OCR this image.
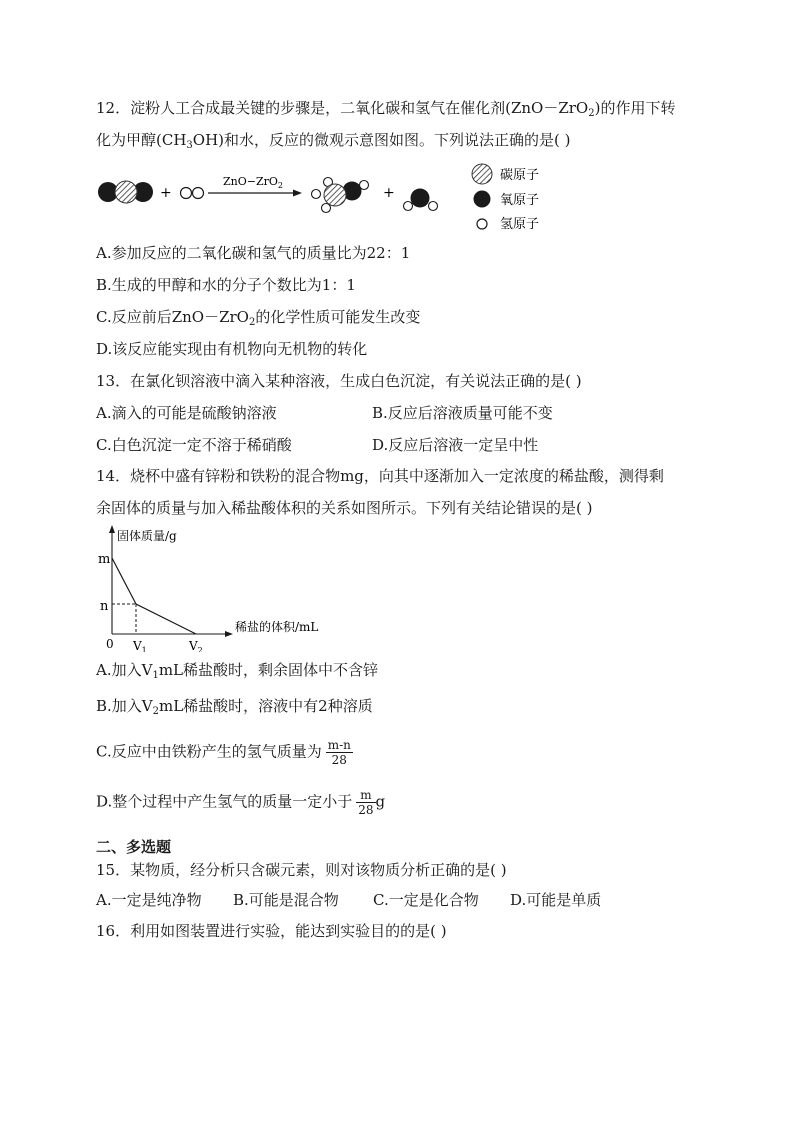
12．淀粉人工合成最关键的步骤是，二氧化碳和氢气在催化剂(ZnO－ZrO$_2$)的作用下转
化为甲醇$(CH_3OH)$和水，反应的微观示意图如图。下列说法正确的是( )
+
ZnO−ZrO$_2$	+
碳原子
氧原子
氢原子
A.参加反应的二氧化碳和氢气的质量比为22：1
B.生成的甲醇和水的分子个数比为1：1
C.反应前后ZnO－ZrO$_2$的化学性质可能发生改变
D.该反应能实现由有机物向无机物的转化
13．在氯化钡溶液中滴入某种溶液，生成白色沉淀，有关说法正确的是( )
A.滴入的可能是硫酸钠溶液	B.反应后溶液质量可能不变
C.白色沉淀一定不溶于稀硝酸	D.反应后溶液一定呈中性
14．烧杯中盛有锌粉和铁粉的混合物mg，向其中逐渐加入一定浓度的稀盐酸，测得剩
余固体的质量与加入稀盐酸体积的关系如图所示。下列有关结论错误的是( )
固体质量/g
稀盐的体积/mL
m
n
0 $V_1$	$V_2$
A.加入$V_1mL$稀盐酸时，剩余固体中不含锌
B.加入$V_2mL$稀盐酸时，溶液中有2种溶质
C.反应中由铁粉产生的氢气质量为 $\frac{m-n}{28}$
D.整个过程中产生氢气的质量一定小于 $\frac{m}{28}$ g
二、多选题
15．某物质，经分析只含碳元素，则对该物质分析正确的是( )
A.一定是纯净物 B.可能是混合物 C.一定是化合物 D.可能是单质
16．利用如图装置进行实验，能达到实验目的的是( )
